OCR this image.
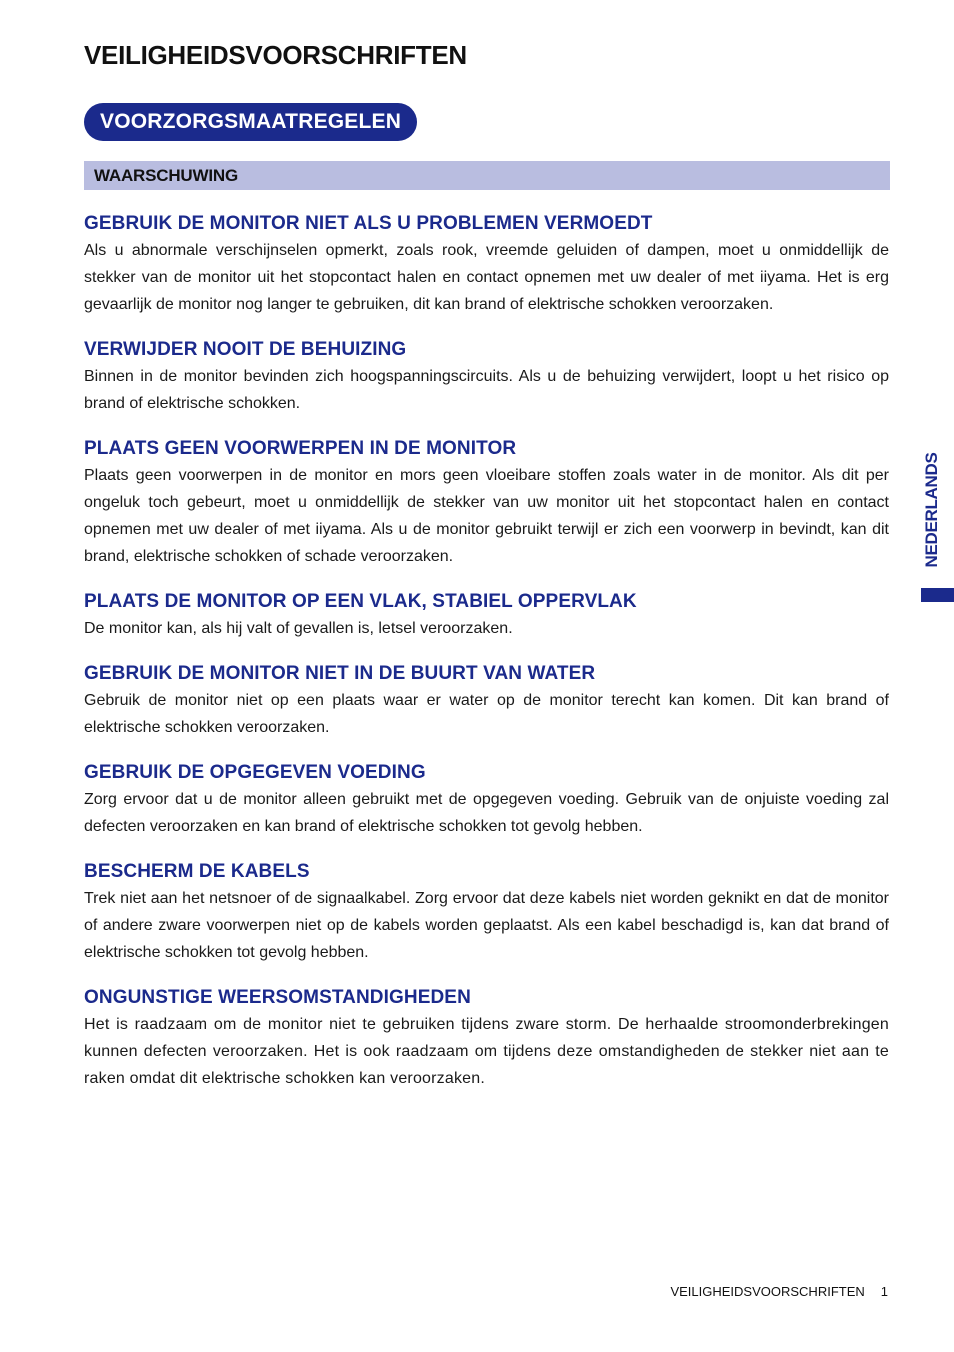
VEILIGHEIDSVOORSCHRIFTEN
VOORZORGSMAATREGELEN
WAARSCHUWING
GEBRUIK DE MONITOR NIET ALS U PROBLEMEN VERMOEDT

Als u abnormale verschijnselen opmerkt, zoals rook, vreemde geluiden of dampen, moet u onmiddellijk de stekker van de monitor uit het stopcontact halen en contact opnemen met uw dealer of met iiyama. Het is erg gevaarlijk de monitor nog langer te gebruiken, dit kan brand of elektrische schokken veroorzaken.

VERWIJDER NOOIT DE BEHUIZING

Binnen in de monitor bevinden zich hoogspanningscircuits. Als u de behuizing verwijdert, loopt u het risico op brand of elektrische schokken.

PLAATS GEEN VOORWERPEN IN DE MONITOR

Plaats geen voorwerpen in de monitor en mors geen vloeibare stoffen zoals water in de monitor. Als dit per ongeluk toch gebeurt, moet u onmiddellijk de stekker van uw monitor uit het stopcontact halen en contact opnemen met uw dealer of met iiyama. Als u de monitor gebruikt terwijl er zich een voorwerp in bevindt, kan dit brand, elektrische schokken of schade veroorzaken.

PLAATS DE MONITOR OP EEN VLAK, STABIEL OPPERVLAK

De monitor kan, als hij valt of gevallen is, letsel veroorzaken.

GEBRUIK DE MONITOR NIET IN DE BUURT VAN WATER

Gebruik de monitor niet op een plaats waar er water op de monitor terecht kan komen. Dit kan brand of elektrische schokken veroorzaken.

GEBRUIK DE OPGEGEVEN VOEDING

Zorg ervoor dat u de monitor alleen gebruikt met de opgegeven voeding. Gebruik van de onjuiste voeding zal defecten veroorzaken en kan brand of elektrische schokken tot gevolg hebben.

BESCHERM DE KABELS

Trek niet aan het netsnoer of de signaalkabel. Zorg ervoor dat deze kabels niet worden geknikt en dat de monitor of andere zware voorwerpen niet op de kabels worden geplaatst. Als een kabel beschadigd is, kan dat brand of elektrische schokken tot gevolg hebben.

ONGUNSTIGE WEERSOMSTANDIGHEDEN

Het is raadzaam om de monitor niet te gebruiken tijdens zware storm. De herhaalde stroomonderbrekingen kunnen defecten veroorzaken. Het is ook raadzaam om tijdens deze omstandigheden de stekker niet aan te raken omdat dit elektrische schokken kan veroorzaken.

NEDERLANDS
VEILIGHEIDSVOORSCHRIFTEN 1
